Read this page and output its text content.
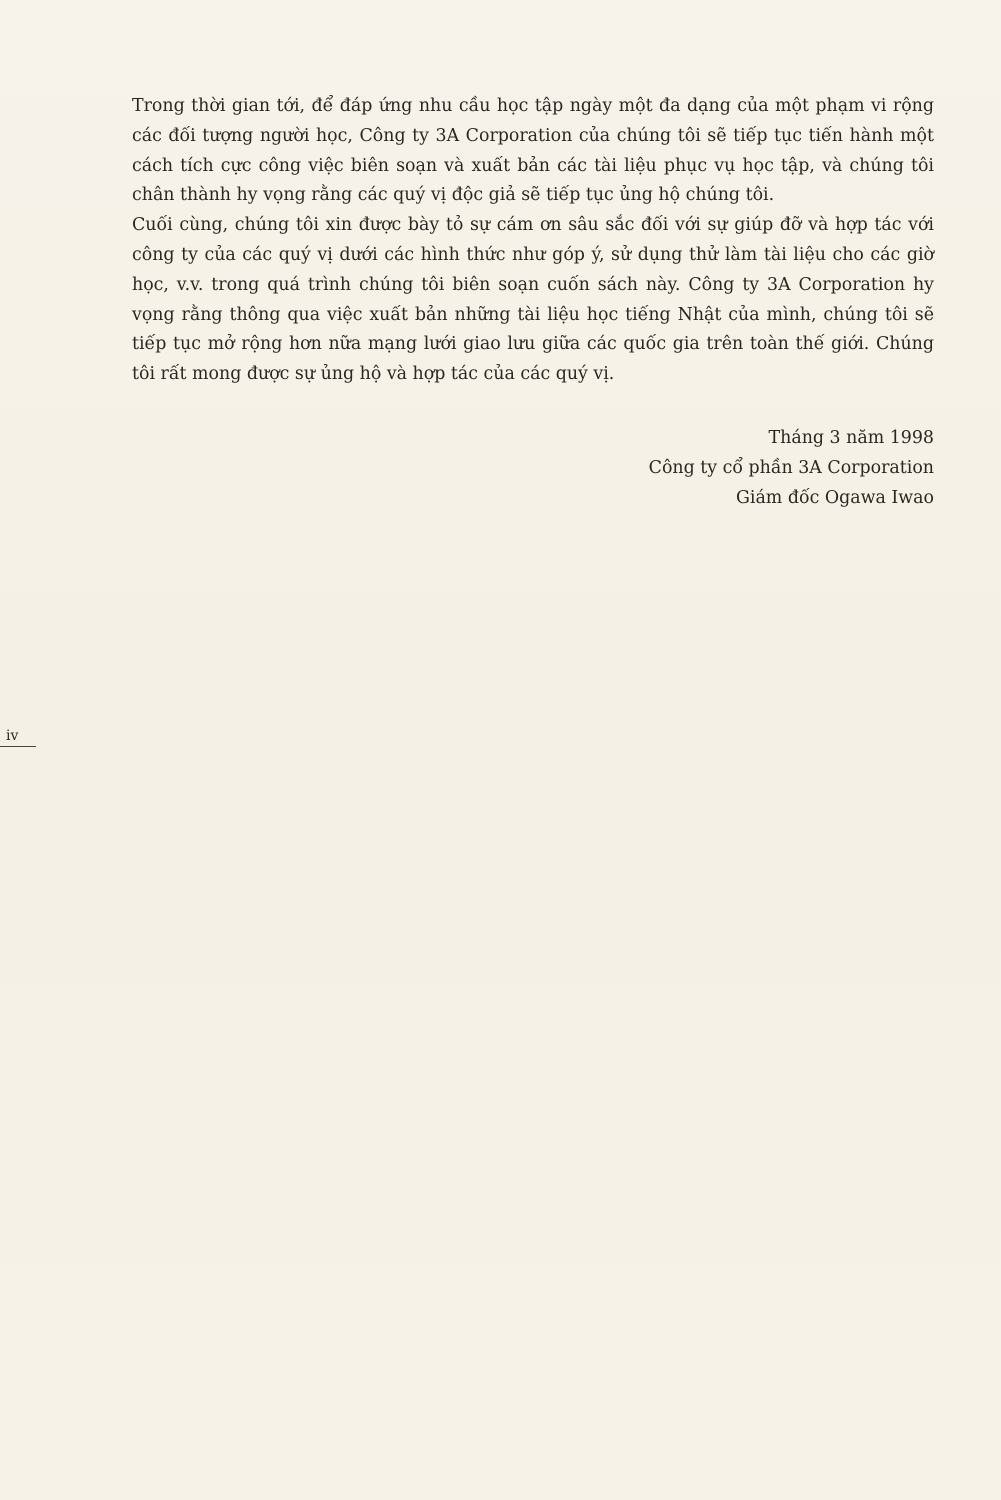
Trong thời gian tới, để đáp ứng nhu cầu học tập ngày một đa dạng của một phạm vi rộng các đối tượng người học, Công ty 3A Corporation của chúng tôi sẽ tiếp tục tiến hành một cách tích cực công việc biên soạn và xuất bản các tài liệu phục vụ học tập, và chúng tôi chân thành hy vọng rằng các quý vị độc giả sẽ tiếp tục ủng hộ chúng tôi.

Cuối cùng, chúng tôi xin được bày tỏ sự cám ơn sâu sắc đối với sự giúp đỡ và hợp tác với công ty của các quý vị dưới các hình thức như góp ý, sử dụng thử làm tài liệu cho các giờ học, v.v. trong quá trình chúng tôi biên soạn cuốn sách này. Công ty 3A Corporation hy vọng rằng thông qua việc xuất bản những tài liệu học tiếng Nhật của mình, chúng tôi sẽ tiếp tục mở rộng hơn nữa mạng lưới giao lưu giữa các quốc gia trên toàn thế giới. Chúng tôi rất mong được sự ủng hộ và hợp tác của các quý vị.

Tháng 3 năm 1998
Công ty cổ phần 3A Corporation
Giám đốc Ogawa Iwao
iv
